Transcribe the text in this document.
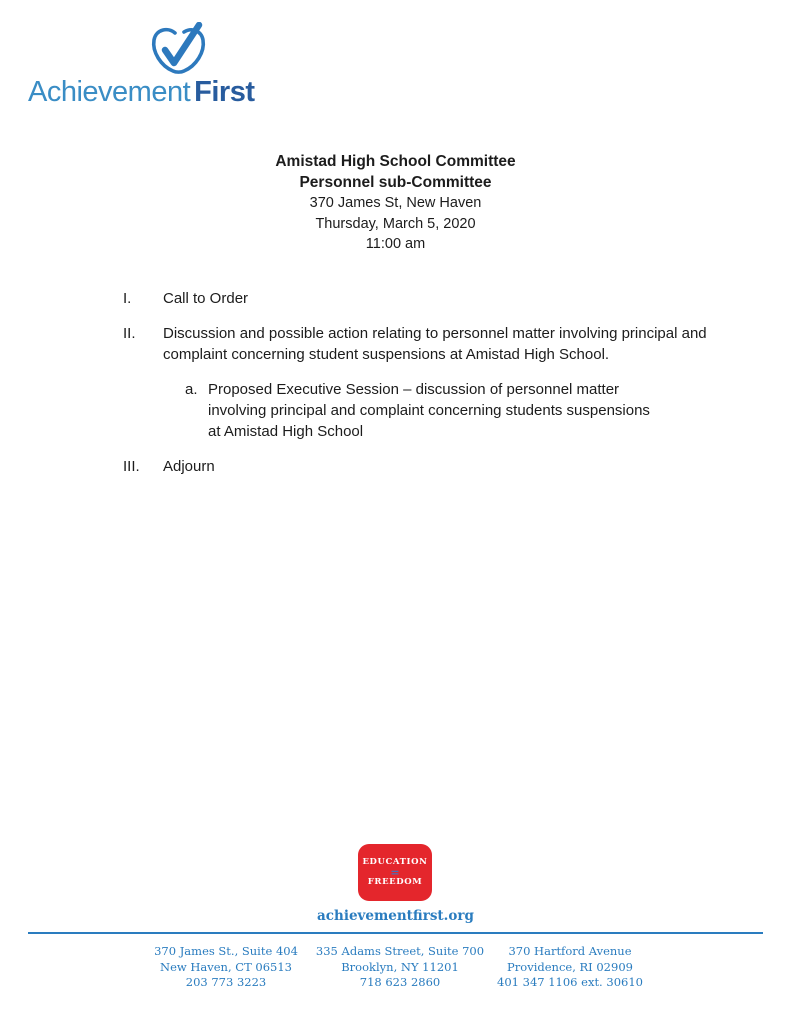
Achievement First
Amistad High School Committee
Personnel sub-Committee
370 James St, New Haven
Thursday, March 5, 2020
11:00 am
I.	Call to Order
II.	Discussion and possible action relating to personnel matter involving principal and complaint concerning student suspensions at Amistad High School.
a. Proposed Executive Session – discussion of personnel matter involving principal and complaint concerning students suspensions at Amistad High School
III.	Adjourn
EDUCATION
=
FREEDOM
achievementfirst.org
370 James St., Suite 404
New Haven, CT 06513
203 773 3223
335 Adams Street, Suite 700
Brooklyn, NY 11201
718 623 2860
370 Hartford Avenue
Providence, RI 02909
401 347 1106 ext. 30610
